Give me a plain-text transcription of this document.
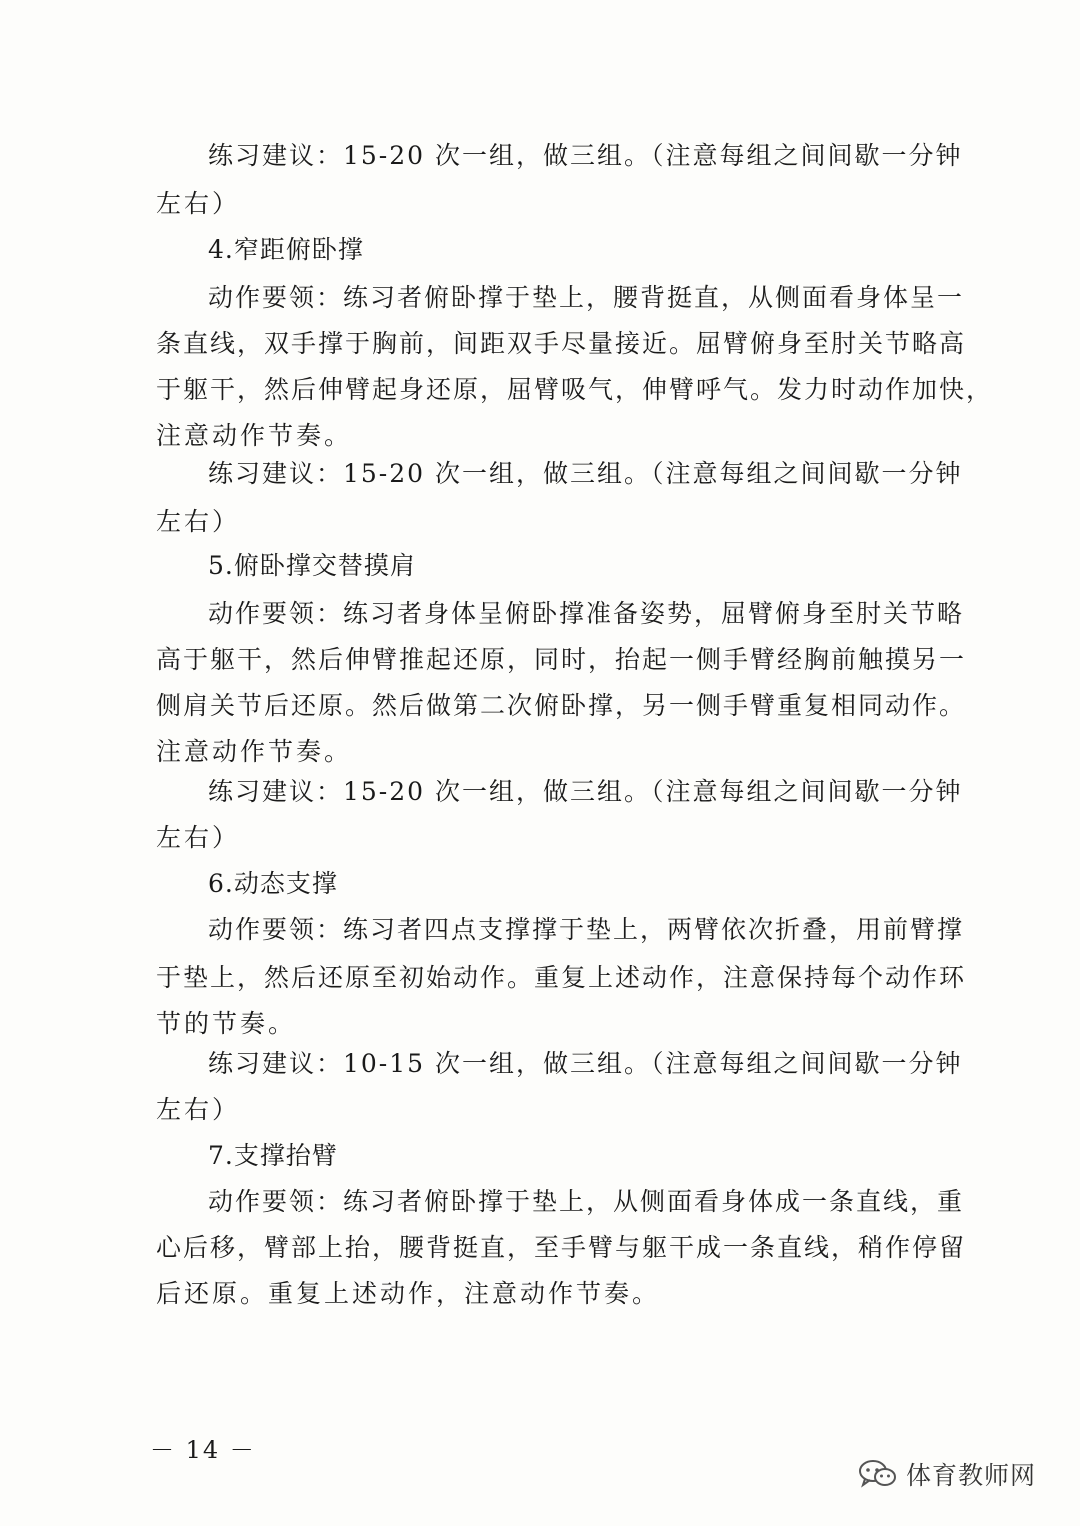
练习建议：15-20 次一组，做三组。（注意每组之间间歇一分钟
左右）
4.窄距俯卧撑
动作要领：练习者俯卧撑于垫上，腰背挺直，从侧面看身体呈一
条直线，双手撑于胸前，间距双手尽量接近。屈臂俯身至肘关节略高
于躯干，然后伸臂起身还原，屈臂吸气，伸臂呼气。发力时动作加快，
注意动作节奏。
练习建议：15-20 次一组，做三组。（注意每组之间间歇一分钟
左右）
5.俯卧撑交替摸肩
动作要领：练习者身体呈俯卧撑准备姿势，屈臂俯身至肘关节略
高于躯干，然后伸臂推起还原，同时，抬起一侧手臂经胸前触摸另一
侧肩关节后还原。然后做第二次俯卧撑，另一侧手臂重复相同动作。
注意动作节奏。
练习建议：15-20 次一组，做三组。（注意每组之间间歇一分钟
左右）
6.动态支撑
动作要领：练习者四点支撑撑于垫上，两臂依次折叠，用前臂撑
于垫上，然后还原至初始动作。重复上述动作，注意保持每个动作环
节的节奏。
练习建议：10-15 次一组，做三组。（注意每组之间间歇一分钟
左右）
7.支撑抬臂
动作要领：练习者俯卧撑于垫上，从侧面看身体成一条直线，重
心后移，臂部上抬，腰背挺直，至手臂与躯干成一条直线，稍作停留
后还原。重复上述动作，注意动作节奏。
－ 14 －
体育教师网
